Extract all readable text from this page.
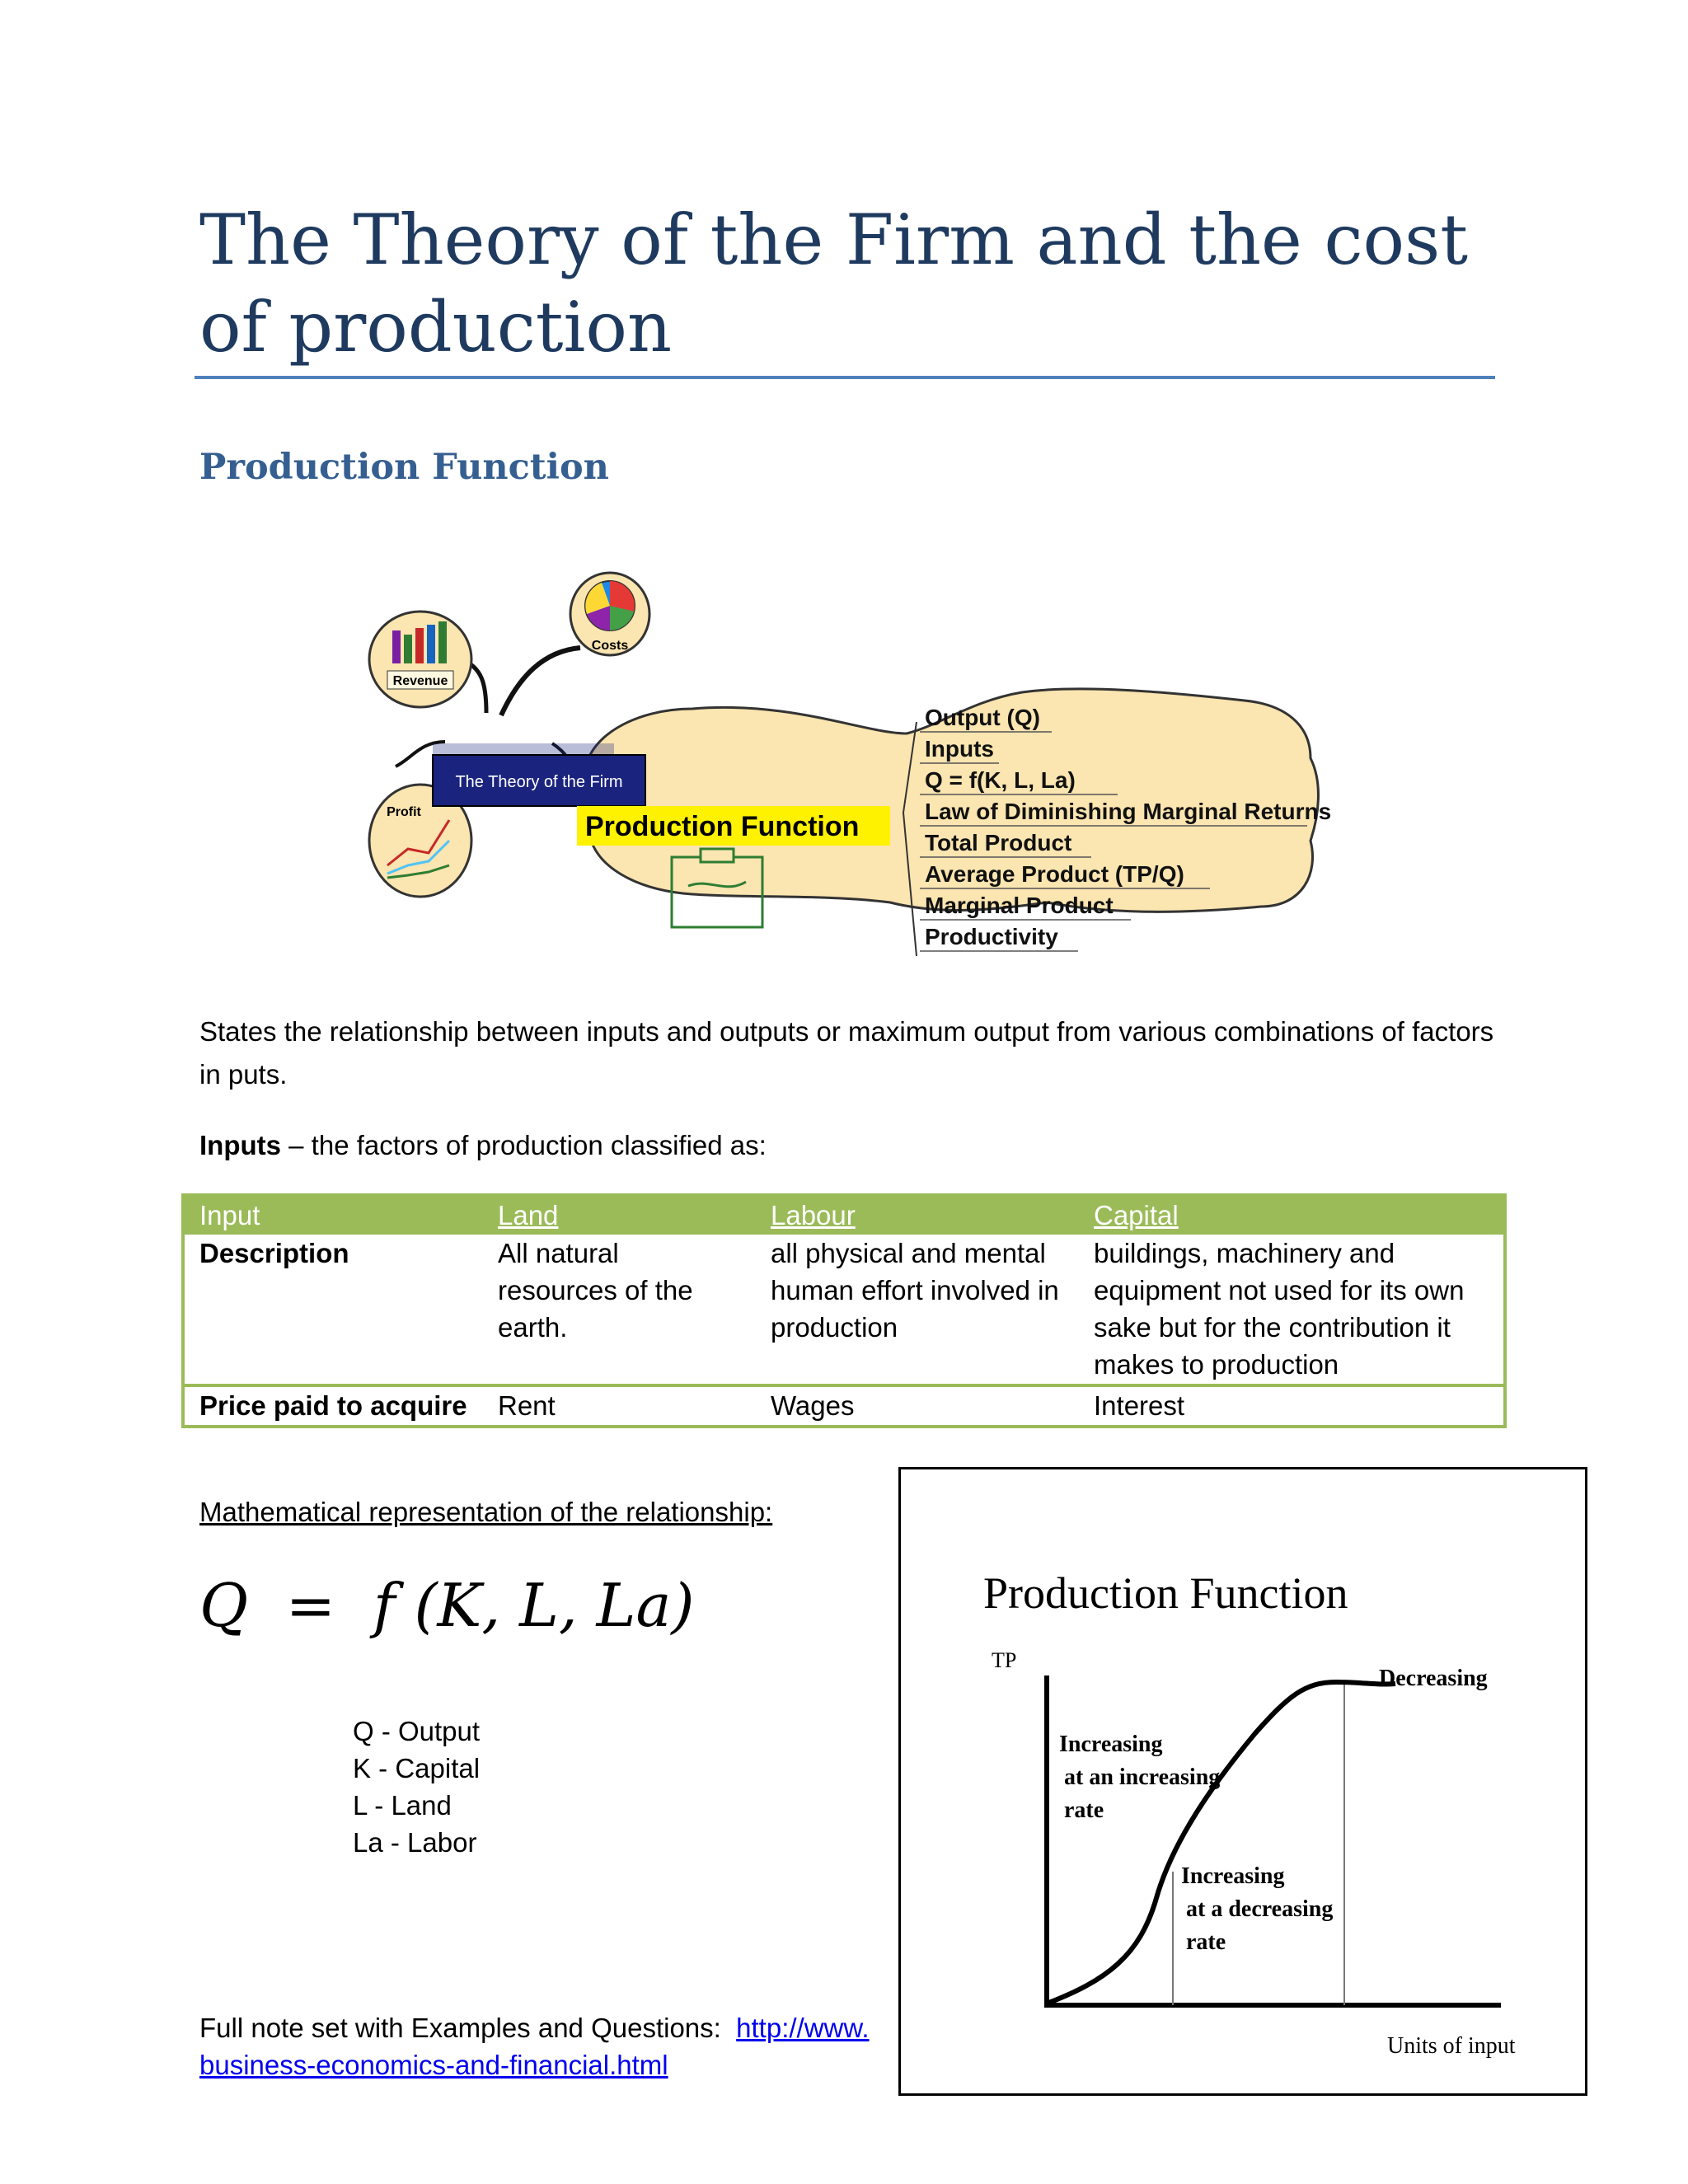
The Theory of the Firm and the cost of production
Production Function
Revenue
Costs
Profit
The Theory of the Firm
Production Function
Output (Q)
Inputs
Q = f(K, L, La)
Law of Diminishing Marginal Returns
Total Product
Average Product (TP/Q)
Marginal Product
Productivity
States the relationship between inputs and outputs or maximum output from various combinations of factors in puts.
Inputs – the factors of production classified as:
Input	Land	Labour	Capital
Description	All natural resources of the earth.	all physical and mental human effort involved in production	buildings, machinery and equipment not used for its own sake but for the contribution it makes to production
Price paid to acquire	Rent	Wages	Interest
Mathematical representation of the relationship:
Q  =  f (K, L, La)
Q - Output
K - Capital
L - Land
La - Labor
Full note set with Examples and Questions:  http://www.
business-economics-and-financial.html
Production Function
TP
Increasing at an increasing rate
Increasing at a decreasing rate
Decreasing
Units of input
